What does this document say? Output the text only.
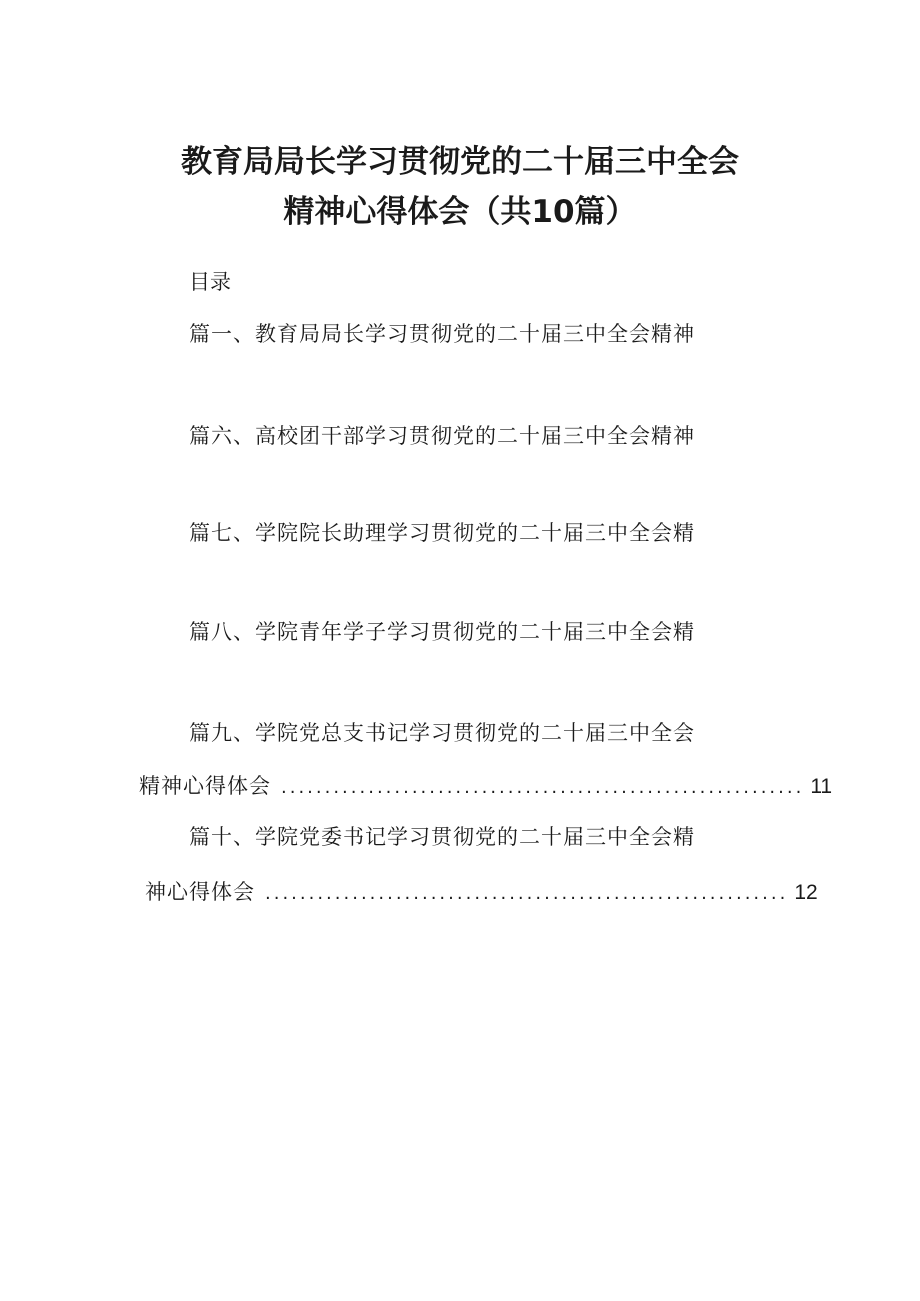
教育局局长学习贯彻党的二十届三中全会
精神心得体会（共10篇）
目录
篇一、教育局局长学习贯彻党的二十届三中全会精神
篇六、高校团干部学习贯彻党的二十届三中全会精神
篇七、学院院长助理学习贯彻党的二十届三中全会精
篇八、学院青年学子学习贯彻党的二十届三中全会精
篇九、学院党总支书记学习贯彻党的二十届三中全会
精神心得体会 ............................................................ 11
篇十、学院党委书记学习贯彻党的二十届三中全会精
神心得体会 ............................................................ 12
